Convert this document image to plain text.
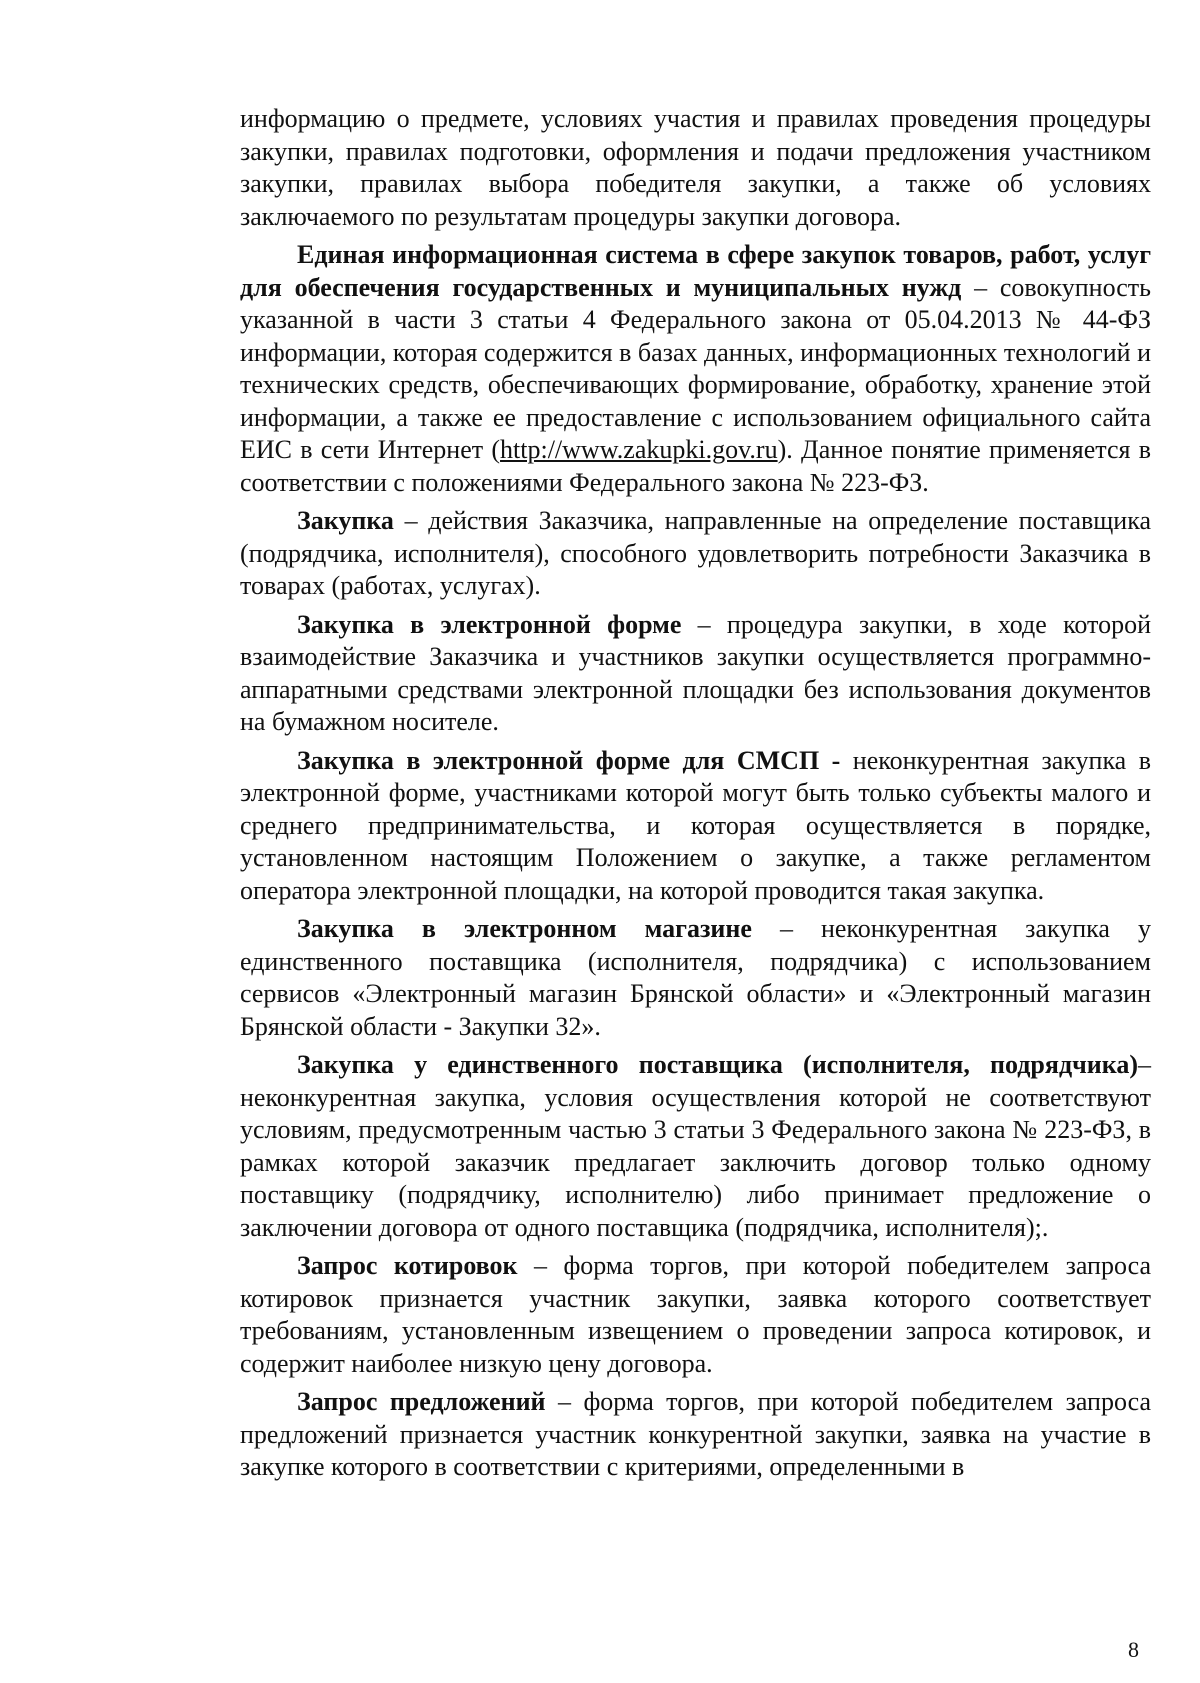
информацию о предмете, условиях участия и правилах проведения процедуры закупки, правилах подготовки, оформления и подачи предложения участником закупки, правилах выбора победителя закупки, а также об условиях заключаемого по результатам процедуры закупки договора.

Единая информационная система в сфере закупок товаров, работ, услуг для обеспечения государственных и муниципальных нужд – совокупность указанной в части 3 статьи 4 Федерального закона от 05.04.2013 № 44-ФЗ информации, которая содержится в базах данных, информационных технологий и технических средств, обеспечивающих формирование, обработку, хранение этой информации, а также ее предоставление с использованием официального сайта ЕИС в сети Интернет (http://www.zakupki.gov.ru). Данное понятие применяется в соответствии с положениями Федерального закона № 223-ФЗ.

Закупка – действия Заказчика, направленные на определение поставщика (подрядчика, исполнителя), способного удовлетворить потребности Заказчика в товарах (работах, услугах).

Закупка в электронной форме – процедура закупки, в ходе которой взаимодействие Заказчика и участников закупки осуществляется программно-аппаратными средствами электронной площадки без использования документов на бумажном носителе.

Закупка в электронной форме для СМСП - неконкурентная закупка в электронной форме, участниками которой могут быть только субъекты малого и среднего предпринимательства, и которая осуществляется в порядке, установленном настоящим Положением о закупке, а также регламентом оператора электронной площадки, на которой проводится такая закупка.

Закупка в электронном магазине – неконкурентная закупка у единственного поставщика (исполнителя, подрядчика) с использованием сервисов «Электронный магазин Брянской области» и «Электронный магазин Брянской области - Закупки 32».

Закупка у единственного поставщика (исполнителя, подрядчика)– неконкурентная закупка, условия осуществления которой не соответствуют условиям, предусмотренным частью 3 статьи 3 Федерального закона № 223-ФЗ, в рамках которой заказчик предлагает заключить договор только одному поставщику (подрядчику, исполнителю) либо принимает предложение о заключении договора от одного поставщика (подрядчика, исполнителя);.

Запрос котировок – форма торгов, при которой победителем запроса котировок признается участник закупки, заявка которого соответствует требованиям, установленным извещением о проведении запроса котировок, и содержит наиболее низкую цену договора.

Запрос предложений – форма торгов, при которой победителем запроса предложений признается участник конкурентной закупки, заявка на участие в закупке которого в соответствии с критериями, определенными в

8
